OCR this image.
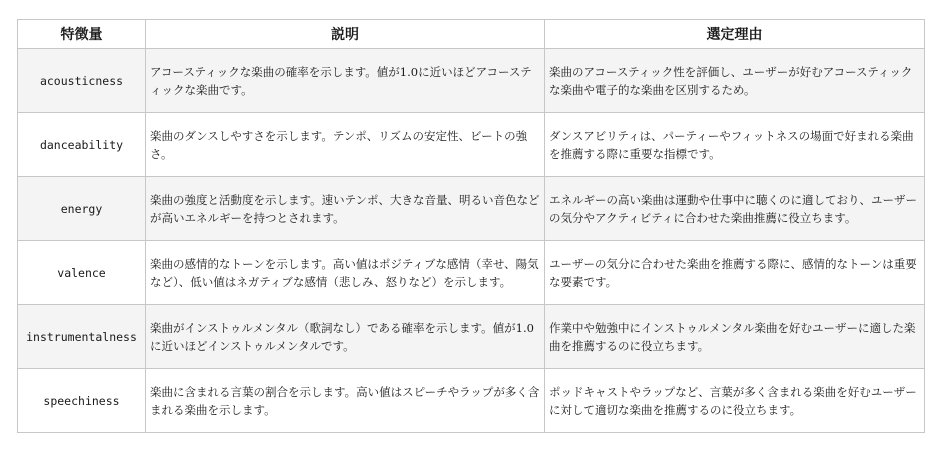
特徴量	説明	選定理由
acousticness	アコースティックな楽曲の確率を示します。値が1.0に近いほどアコースティックな楽曲です。	楽曲のアコースティック性を評価し、ユーザーが好むアコースティックな楽曲や電子的な楽曲を区別するため。
danceability	楽曲のダンスしやすさを示します。テンポ、リズムの安定性、ビートの強さ。	ダンスアビリティは、パーティーやフィットネスの場面で好まれる楽曲を推薦する際に重要な指標です。
energy	楽曲の強度と活動度を示します。速いテンポ、大きな音量、明るい音色などが高いエネルギーを持つとされます。	エネルギーの高い楽曲は運動や仕事中に聴くのに適しており、ユーザーの気分やアクティビティに合わせた楽曲推薦に役立ちます。
valence	楽曲の感情的なトーンを示します。高い値はポジティブな感情（幸せ、陽気など）、低い値はネガティブな感情（悲しみ、怒りなど）を示します。	ユーザーの気分に合わせた楽曲を推薦する際に、感情的なトーンは重要な要素です。
instrumentalness	楽曲がインストゥルメンタル（歌詞なし）である確率を示します。値が1.0に近いほどインストゥルメンタルです。	作業中や勉強中にインストゥルメンタル楽曲を好むユーザーに適した楽曲を推薦するのに役立ちます。
speechiness	楽曲に含まれる言葉の割合を示します。高い値はスピーチやラップが多く含まれる楽曲を示します。	ポッドキャストやラップなど、言葉が多く含まれる楽曲を好むユーザーに対して適切な楽曲を推薦するのに役立ちます。
